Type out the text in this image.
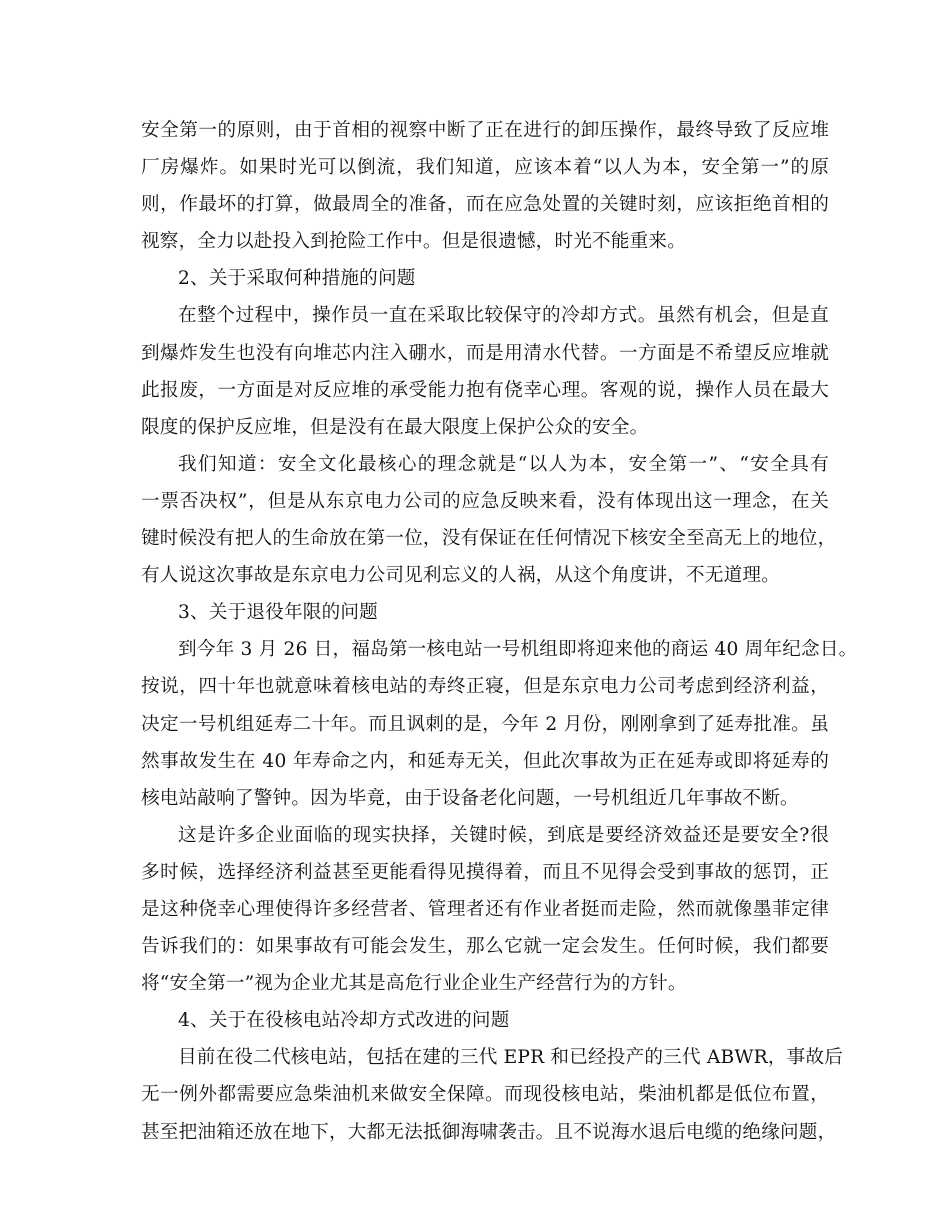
安全第一的原则，由于首相的视察中断了正在进行的卸压操作，最终导致了反应堆
厂房爆炸。如果时光可以倒流，我们知道，应该本着“以人为本，安全第一”的原
则，作最坏的打算，做最周全的准备，而在应急处置的关键时刻，应该拒绝首相的
视察，全力以赴投入到抢险工作中。但是很遗憾，时光不能重来。
2、关于采取何种措施的问题
在整个过程中，操作员一直在采取比较保守的冷却方式。虽然有机会，但是直
到爆炸发生也没有向堆芯内注入硼水，而是用清水代替。一方面是不希望反应堆就
此报废，一方面是对反应堆的承受能力抱有侥幸心理。客观的说，操作人员在最大
限度的保护反应堆，但是没有在最大限度上保护公众的安全。
我们知道：安全文化最核心的理念就是“以人为本，安全第一”、“安全具有
一票否决权”，但是从东京电力公司的应急反映来看，没有体现出这一理念，在关
键时候没有把人的生命放在第一位，没有保证在任何情况下核安全至高无上的地位，
有人说这次事故是东京电力公司见利忘义的人祸，从这个角度讲，不无道理。
3、关于退役年限的问题
到今年 3 月 26 日，福岛第一核电站一号机组即将迎来他的商运 40 周年纪念日。
按说，四十年也就意味着核电站的寿终正寝，但是东京电力公司考虑到经济利益，
决定一号机组延寿二十年。而且讽刺的是，今年 2 月份，刚刚拿到了延寿批准。虽
然事故发生在 40 年寿命之内，和延寿无关，但此次事故为正在延寿或即将延寿的
核电站敲响了警钟。因为毕竟，由于设备老化问题，一号机组近几年事故不断。
这是许多企业面临的现实抉择，关键时候，到底是要经济效益还是要安全?很
多时候，选择经济利益甚至更能看得见摸得着，而且不见得会受到事故的惩罚，正
是这种侥幸心理使得许多经营者、管理者还有作业者挺而走险，然而就像墨菲定律
告诉我们的：如果事故有可能会发生，那么它就一定会发生。任何时候，我们都要
将“安全第一”视为企业尤其是高危行业企业生产经营行为的方针。
4、关于在役核电站冷却方式改进的问题
目前在役二代核电站，包括在建的三代 EPR 和已经投产的三代 ABWR，事故后
无一例外都需要应急柴油机来做安全保障。而现役核电站，柴油机都是低位布置，
甚至把油箱还放在地下，大都无法抵御海啸袭击。且不说海水退后电缆的绝缘问题，
